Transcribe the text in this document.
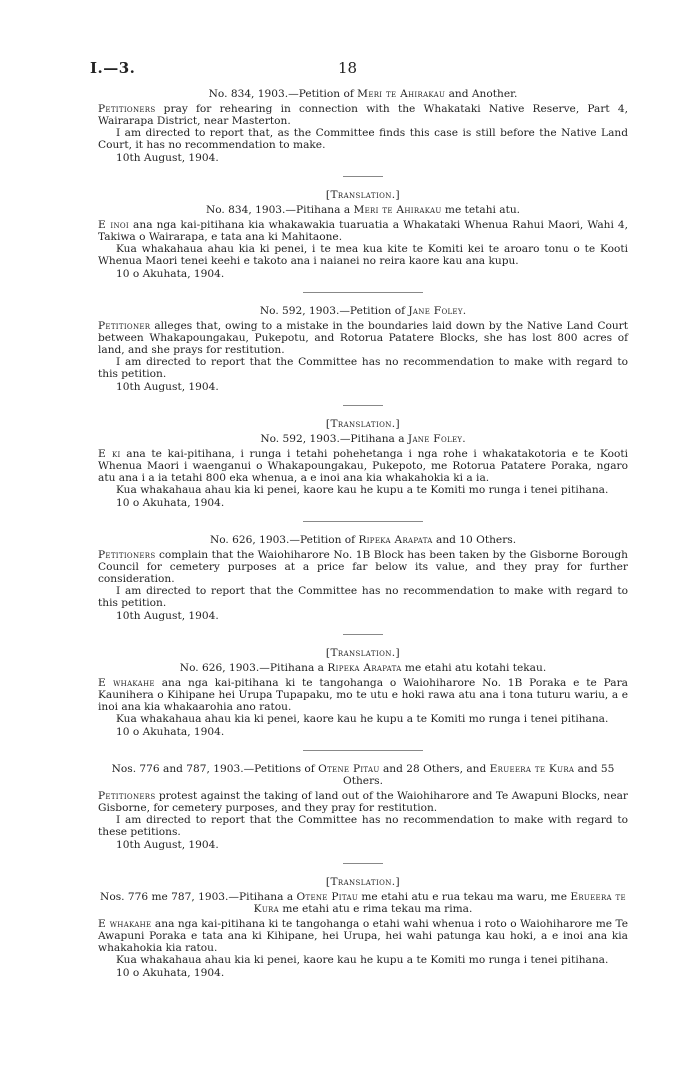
I.—3.	18
No. 834, 1903.—Petition of Meri te Ahirakau and Another.

Petitioners pray for rehearing in connection with the Whakataki Native Reserve, Part 4, Wairarapa District, near Masterton.

I am directed to report that, as the Committee finds this case is still before the Native Land Court, it has no recommendation to make.

10th August, 1904.
[Translation.]
No. 834, 1903.—Pitihana a Meri te Ahirakau me tetahi atu.

E inoi ana nga kai-pitihana kia whakawakia tuaruatia a Whakataki Whenua Rahui Maori, Wahi 4, Takiwa o Wairarapa, e tata ana ki Mahitaone.

Kua whakahaua ahau kia ki penei, i te mea kua kite te Komiti kei te aroaro tonu o te Kooti Whenua Maori tenei keehi e takoto ana i naianei no reira kaore kau ana kupu.

10 o Akuhata, 1904.
No. 592, 1903.—Petition of Jane Foley.

Petitioner alleges that, owing to a mistake in the boundaries laid down by the Native Land Court between Whakapoungakau, Pukepotu, and Rotorua Patatere Blocks, she has lost 800 acres of land, and she prays for restitution.

I am directed to report that the Committee has no recommendation to make with regard to this petition.

10th August, 1904.
[Translation.]
No. 592, 1903.—Pitihana a Jane Foley.

E ki ana te kai-pitihana, i runga i tetahi pohehetanga i nga rohe i whakatakotoria e te Kooti Whenua Maori i waenganui o Whakapoungakau, Pukepoto, me Rotorua Patatere Poraka, ngaro atu ana i a ia tetahi 800 eka whenua, a e inoi ana kia whakahokia ki a ia.

Kua whakahaua ahau kia ki penei, kaore kau he kupu a te Komiti mo runga i tenei pitihana.

10 o Akuhata, 1904.
No. 626, 1903.—Petition of Ripeka Arapata and 10 Others.

Petitioners complain that the Waiohiharore No. 1B Block has been taken by the Gisborne Borough Council for cemetery purposes at a price far below its value, and they pray for further consideration.

I am directed to report that the Committee has no recommendation to make with regard to this petition.

10th August, 1904.
[Translation.]
No. 626, 1903.—Pitihana a Ripeka Arapata me etahi atu kotahi tekau.

E whakahe ana nga kai-pitihana ki te tangohanga o Waiohiharore No. 1B Poraka e te Para Kaunihera o Kihipane hei Urupa Tupapaku, mo te utu e hoki rawa atu ana i tona tuturu wariu, a e inoi ana kia whakaarohia ano ratou.

Kua whakahaua ahau kia ki penei, kaore kau he kupu a te Komiti mo runga i tenei pitihana.

10 o Akuhata, 1904.
Nos. 776 and 787, 1903.—Petitions of Otene Pitau and 28 Others, and Erueera te Kura and 55 Others.

Petitioners protest against the taking of land out of the Waiohiharore and Te Awapuni Blocks, near Gisborne, for cemetery purposes, and they pray for restitution.

I am directed to report that the Committee has no recommendation to make with regard to these petitions.

10th August, 1904.
[Translation.]
Nos. 776 me 787, 1903.—Pitihana a Otene Pitau me etahi atu e rua tekau ma waru, me Erueera te Kura me etahi atu e rima tekau ma rima.

E whakahe ana nga kai-pitihana ki te tangohanga o etahi wahi whenua i roto o Waiohiharore me Te Awapuni Poraka e tata ana ki Kihipane, hei Urupa, hei wahi patunga kau hoki, a e inoi ana kia whakahokia kia ratou.

Kua whakahaua ahau kia ki penei, kaore kau he kupu a te Komiti mo runga i tenei pitihana.

10 o Akuhata, 1904.
